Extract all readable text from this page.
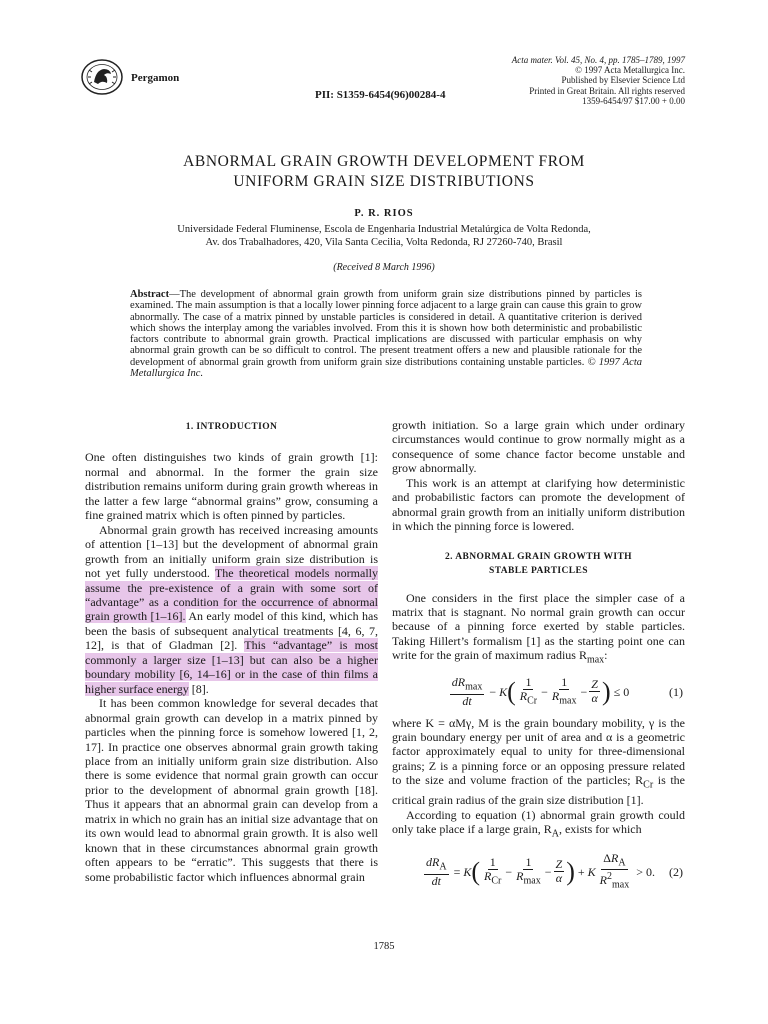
Pergamon
PII: S1359-6454(96)00284-4
Acta mater. Vol. 45, No. 4, pp. 1785–1789, 1997
© 1997 Acta Metallurgica Inc.
Published by Elsevier Science Ltd
Printed in Great Britain. All rights reserved
1359-6454/97 $17.00 + 0.00
ABNORMAL GRAIN GROWTH DEVELOPMENT FROM
UNIFORM GRAIN SIZE DISTRIBUTIONS
P. R. RIOS
Universidade Federal Fluminense, Escola de Engenharia Industrial Metalúrgica de Volta Redonda,
Av. dos Trabalhadores, 420, Vila Santa Cecilia, Volta Redonda, RJ 27260-740, Brasil
(Received 8 March 1996)
Abstract—The development of abnormal grain growth from uniform grain size distributions pinned by particles is examined. The main assumption is that a locally lower pinning force adjacent to a large grain can cause this grain to grow abnormally. The case of a matrix pinned by unstable particles is considered in detail. A quantitative criterion is derived which shows the interplay among the variables involved. From this it is shown how both deterministic and probabilistic factors contribute to abnormal grain growth. Practical implications are discussed with particular emphasis on why abnormal grain growth can be so difficult to control. The present treatment offers a new and plausible rationale for the development of abnormal grain growth from uniform grain size distributions containing unstable particles. © 1997 Acta Metallurgica Inc.
1. INTRODUCTION

One often distinguishes two kinds of grain growth [1]: normal and abnormal. In the former the grain size distribution remains uniform during grain growth whereas in the latter a few large “abnormal grains” grow, consuming a fine grained matrix which is often pinned by particles.

Abnormal grain growth has received increasing amounts of attention [1–13] but the development of abnormal grain growth from an initially uniform grain size distribution is not yet fully understood. The theoretical models normally assume the pre-existence of a grain with some sort of “advantage” as a condition for the occurrence of abnormal grain growth [1–16]. An early model of this kind, which has been the basis of subsequent analytical treatments [4, 6, 7, 12], is that of Gladman [2]. This “advantage” is most commonly a larger size [1–13] but can also be a higher boundary mobility [6, 14–16] or in the case of thin films a higher surface energy [8].

It has been common knowledge for several decades that abnormal grain growth can develop in a matrix pinned by particles when the pinning force is somehow lowered [1, 2, 17]. In practice one observes abnormal grain growth taking place from an initially uniform grain size distribution. Also there is some evidence that normal grain growth can occur prior to the development of abnormal grain growth [18]. Thus it appears that an abnormal grain can develop from a matrix in which no grain has an initial size advantage that on its own would lead to abnormal grain growth. It is also well known that in these circumstances abnormal grain growth often appears to be “erratic”. This suggests that there is some probabilistic factor which influences abnormal grain

growth initiation. So a large grain which under ordinary circumstances would continue to grow normally might as a consequence of some chance factor become unstable and grow abnormally.

This work is an attempt at clarifying how deterministic and probabilistic factors can promote the development of abnormal grain growth from an initially uniform distribution in which the pinning force is lowered.

2. ABNORMAL GRAIN GROWTH WITH
STABLE PARTICLES

One considers in the first place the simpler case of a matrix that is stagnant. No normal grain growth can occur because of a pinning force exerted by stable particles. Taking Hillert’s formalism [1] as the starting point one can write for the grain of maximum radius $R_{max}$:

$\frac{dR_{max}}{dt} - K$ ( $\frac{1}{R_{Cr}} - \frac{1}{R_{max}} - \frac{Z}{\alpha}$ ) ≤ 0	(1)

where K = αMγ, M is the grain boundary mobility, γ is the grain boundary energy per unit of area and α is a geometric factor approximately equal to unity for three-dimensional grains; Z is a pinning force or an opposing pressure related to the size and volume fraction of the particles; $R_{Cr}$ is the critical grain radius of the grain size distribution [1].

According to equation (1) abnormal grain growth could only take place if a large grain, $R_A$, exists for which

$\frac{dR_A}{dt} = K$ ( $\frac{1}{R_{Cr}} - \frac{1}{R_{max}} - \frac{Z}{\alpha}$ ) + K $\frac{\Delta R_A}{R^2_{max}} > 0$. (2)
1785
